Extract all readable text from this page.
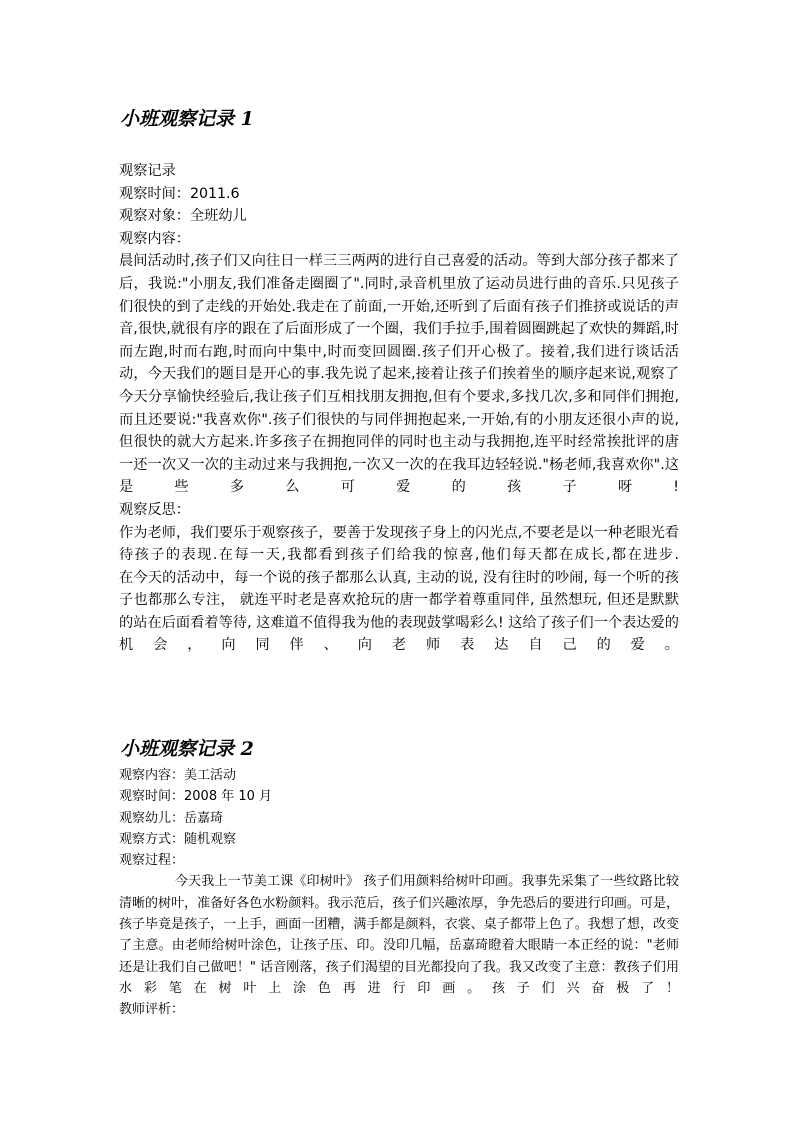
小班观察记录 1

观察记录

观察时间：2011.6

观察对象：全班幼儿

观察内容：

晨间活动时,孩子们又向往日一样三三两两的进行自己喜爱的活动。等到大部分孩子都来了后，我说:"小朋友,我们准备走圈圈了".同时,录音机里放了运动员进行曲的音乐.只见孩子们很快的到了走线的开始处.我走在了前面,一开始,还听到了后面有孩子们推挤或说话的声音,很快,就很有序的跟在了后面形成了一个圈，我们手拉手,围着圆圈跳起了欢快的舞蹈,时而左跑,时而右跑,时而向中集中,时而变回圆圈.孩子们开心极了。接着,我们进行谈话活动，今天我们的题目是开心的事.我先说了起来,接着让孩子们挨着坐的顺序起来说,观察了今天分享愉快经验后,我让孩子们互相找朋友拥抱,但有个要求,多找几次,多和同伴们拥抱,而且还要说:"我喜欢你".孩子们很快的与同伴拥抱起来,一开始,有的小朋友还很小声的说,但很快的就大方起来.许多孩子在拥抱同伴的同时也主动与我拥抱,连平时经常挨批评的唐一还一次又一次的主动过来与我拥抱,一次又一次的在我耳边轻轻说."杨老师,我喜欢你".这是些多么可爱的孩子呀!

观察反思：

作为老师，我们要乐于观察孩子，要善于发现孩子身上的闪光点,不要老是以一种老眼光看待孩子的表现.在每一天,我都看到孩子们给我的惊喜,他们每天都在成长,都在进步.

在今天的活动中，每一个说的孩子都那么认真, 主动的说, 没有往时的吵闹, 每一个听的孩子也都那么专注， 就连平时老是喜欢抢玩的唐一都学着尊重同伴, 虽然想玩, 但还是默默的站在后面看着等待, 这难道不值得我为他的表现鼓掌喝彩么! 这给了孩子们一个表达爱的机会，向同伴、向老师表达自己的爱。

小班观察记录 2

观察内容：美工活动

观察时间：2008 年 10 月

观察幼儿：岳嘉琦

观察方式：随机观察

观察过程：

今天我上一节美工课《印树叶》 孩子们用颜料给树叶印画。我事先采集了一些纹路比较清晰的树叶，准备好各色水粉颜料。我示范后，孩子们兴趣浓厚，争先恐后的要进行印画。可是，孩子毕竟是孩子，一上手，画面一团糟，满手都是颜料，衣裳、桌子都带上色了。我想了想，改变了主意。由老师给树叶涂色，让孩子压、印。没印几幅，岳嘉琦瞪着大眼睛一本正经的说："老师还是让我们自己做吧！" 话音刚落，孩子们渴望的目光都投向了我。我又改变了主意：教孩子们用水彩笔在树叶上涂色再进行印画。孩子们兴奋极了！

教师评析：
